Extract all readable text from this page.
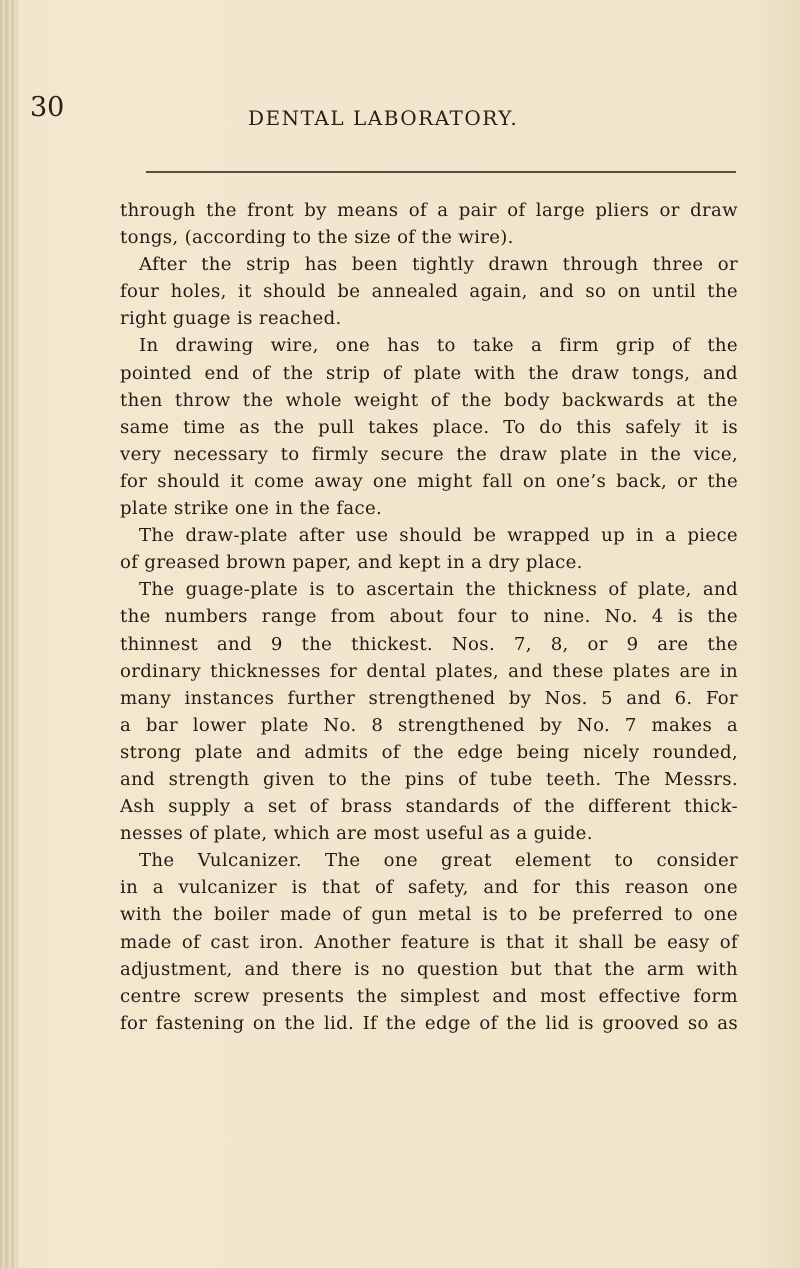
30	DENTAL LABORATORY.
through the front by means of a pair of large pliers or draw
tongs, (according to the size of the wire).
After the strip has been tightly drawn through three or
four holes, it should be annealed again, and so on until the
right guage is reached.
In drawing wire, one has to take a firm grip of the
pointed end of the strip of plate with the draw tongs, and
then throw the whole weight of the body backwards at the
same time as the pull takes place. To do this safely it is
very necessary to firmly secure the draw plate in the vice,
for should it come away one might fall on one’s back, or the
plate strike one in the face.
The draw-plate after use should be wrapped up in a piece
of greased brown paper, and kept in a dry place.
The guage-plate is to ascertain the thickness of plate, and
the numbers range from about four to nine. No. 4 is the
thinnest and 9 the thickest. Nos. 7, 8, or 9 are the
ordinary thicknesses for dental plates, and these plates are in
many instances further strengthened by Nos. 5 and 6. For
a bar lower plate No. 8 strengthened by No. 7 makes a
strong plate and admits of the edge being nicely rounded,
and strength given to the pins of tube teeth. The Messrs.
Ash supply a set of brass standards of the different thick-
nesses of plate, which are most useful as a guide.
The Vulcanizer. The one great element to consider
in a vulcanizer is that of safety, and for this reason one
with the boiler made of gun metal is to be preferred to one
made of cast iron. Another feature is that it shall be easy of
adjustment, and there is no question but that the arm with
centre screw presents the simplest and most effective form
for fastening on the lid. If the edge of the lid is grooved so as
